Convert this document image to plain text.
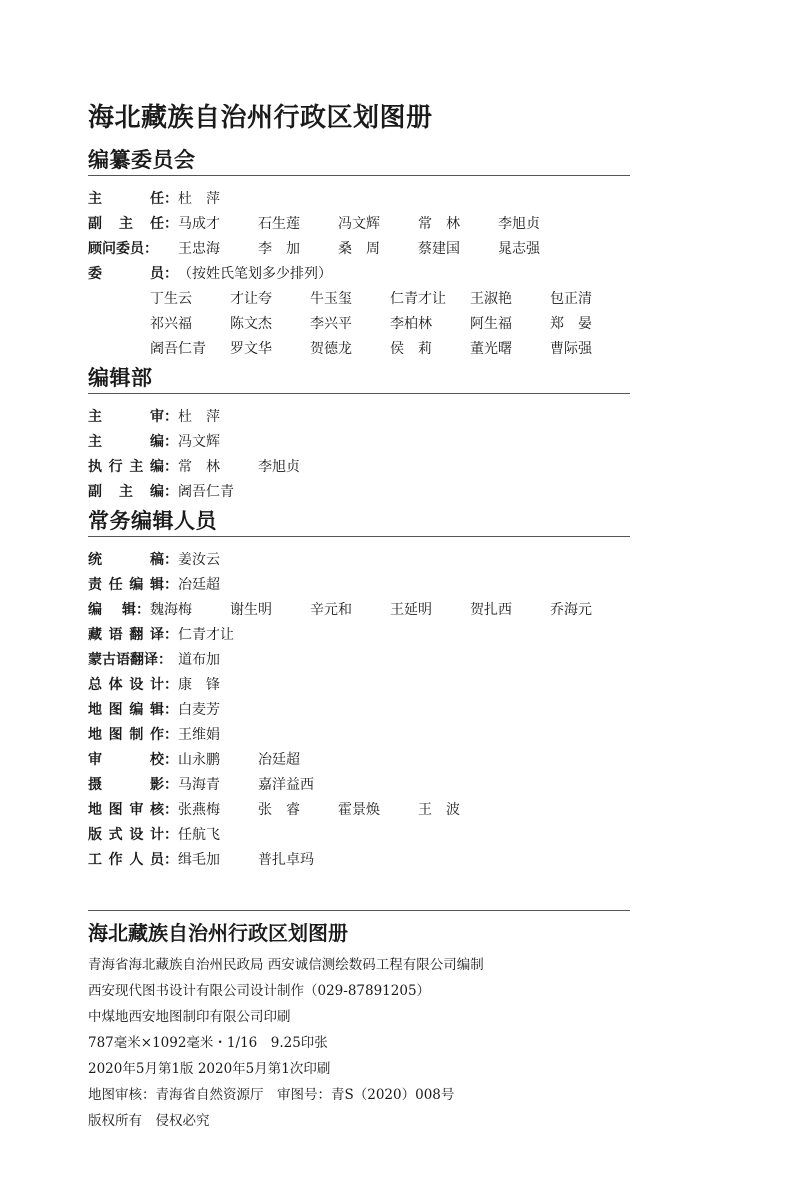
海北藏族自治州行政区划图册
编纂委员会
主	任： 杜　萍
副 主 任： 马成才	石生莲	冯文辉	常　林	李旭贞
顾问委员： 王忠海	李　加	桑　周	蔡建国	晁志强
委	员： （按姓氏笔划多少排列）
丁生云	才让夸	牛玉玺	仁青才让	王淑艳	包正清
祁兴福	陈文杰	李兴平	李柏林	阿生福	郑　晏
阇吾仁青	罗文华	贺德龙	侯　莉	董光曙	曹际强
编辑部
主	审： 杜　萍
主	编： 冯文辉
执 行 主 编： 常　林	李旭贞
副 主 编： 阇吾仁青
常务编辑人员
统	稿： 姜汝云
责 任 编 辑： 冶廷超
编 辑： 魏海梅	谢生明	辛元和	王延明	贺扎西	乔海元
藏 语 翻 译： 仁青才让
蒙古语翻译： 道布加
总 体 设 计： 康　锋
地 图 编 辑： 白麦芳
地 图 制 作： 王维娟
审	校： 山永鹏	冶廷超
摄	影： 马海青	嘉洋益西
地 图 审 核： 张燕梅	张　睿	霍景焕	王　波
版 式 设 计： 任航飞
工 作 人 员： 缉毛加	普扎卓玛
海北藏族自治州行政区划图册
青海省海北藏族自治州民政局 西安诚信测绘数码工程有限公司编制
西安现代图书设计有限公司设计制作（029-87891205）
中煤地西安地图制印有限公司印刷
787毫米×1092毫米・1/16　9.25印张
2020年5月第1版 2020年5月第1次印刷
地图审核：青海省自然资源厅　审图号：青S（2020）008号
版权所有　侵权必究
